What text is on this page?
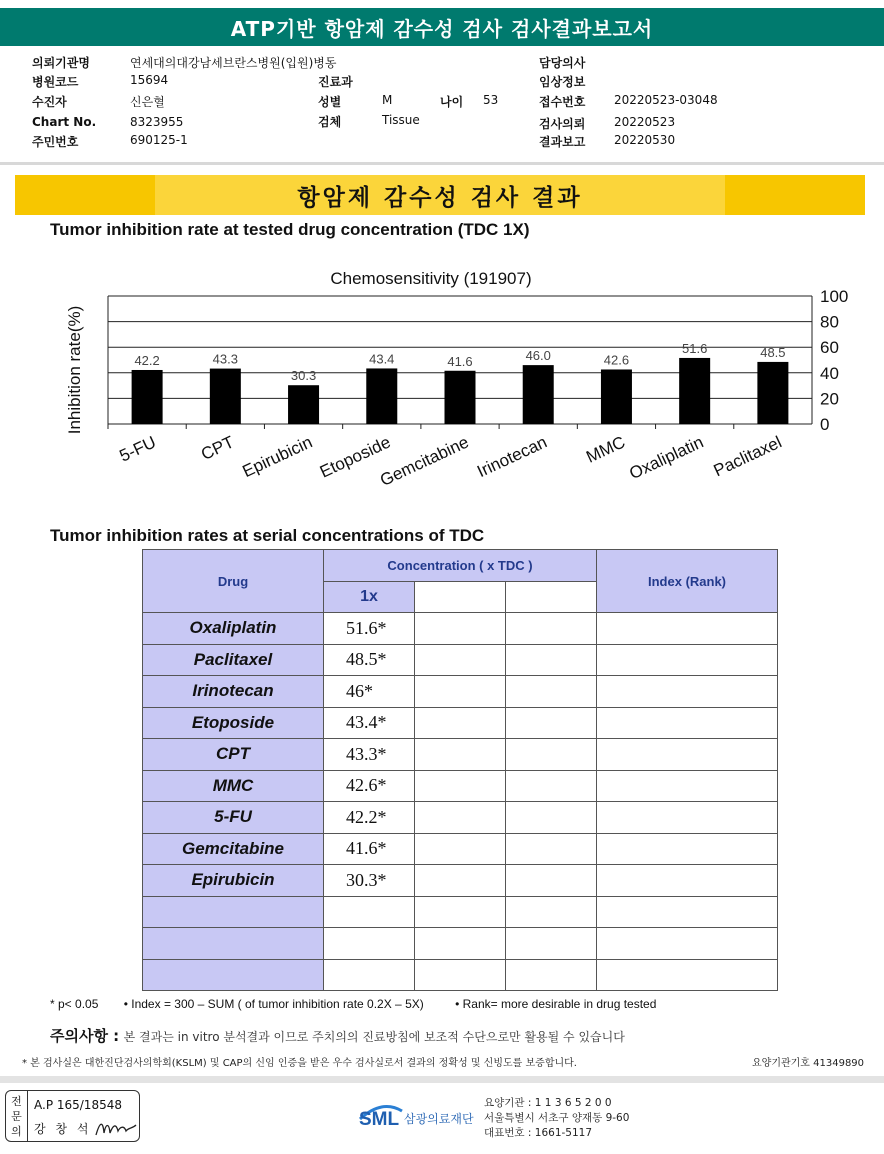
ATP기반 항암제 감수성 검사 검사결과보고서
의뢰기관명	연세대의대강남세브란스병원(입원)병동
병원코드	15694
수진자	신은혈
Chart No.	8323955
주민번호	690125-1
진료과
성별	M	나이 53
검체	Tissue
담당의사
임상정보
접수번호 20220523-03048
검사의뢰 20220523
결과보고 20220530
항암제 감수성 검사 결과
Tumor inhibition rate at tested drug concentration (TDC 1X)
Chemosensitivity (191907)
Inhibition rate(%)	42.2	43.3
30.3
43.4	41.6	46.0	42.6
51.6	48.5
0
20
40
60
80
100
5-FU CPT Epirubicin Etoposide
Gemcitabine Irinotecan MMC
Oxaliplatin Paclitaxel
Tumor inhibition rates at serial concentrations of TDC
Drug	Concentration ( x TDC )			Index (Rank)
	1x			
Oxaliplatin	51.6*			
Paclitaxel	48.5*			
Irinotecan	46*			
Etoposide	43.4*			
CPT	43.3*			
MMC	42.6*			
5-FU	42.2*			
Gemcitabine	41.6*			
Epirubicin	30.3*			

* p< 0.05 • Index = 300 – SUM ( of tumor inhibition rate 0.2X – 5X)	• Rank= more desirable in drug tested
주의사항 : 본 결과는 in vitro 분석결과 이므로 주치의의 진료방침에 보조적 수단으로만 활용될 수 있습니다
* 본 검사실은 대한진단검사의학회(KSLM) 및 CAP의 신임 인증을 받은 우수 검사실로서 결과의 정확성 및 신빙도를 보증합니다.	요양기관기호 41349890
전문의
A.P 165/18548
강 창 석	SML 삼광의료재단
요양기관 : 1 1 3 6 5 2 0 0
서울특별시 서초구 양재동 9-60
대표번호 : 1661-5117
